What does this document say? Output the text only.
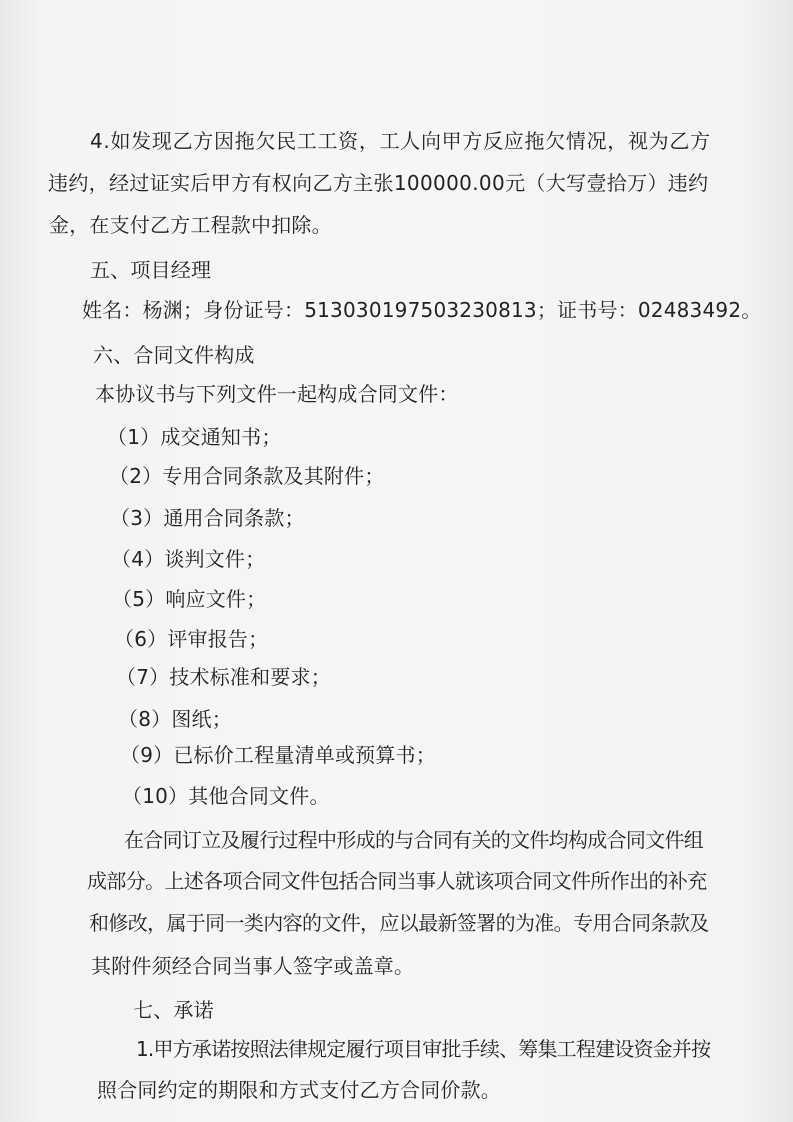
4.如发现乙方因拖欠民工工资，工人向甲方反应拖欠情况，视为乙方
违约，经过证实后甲方有权向乙方主张100000.00元（大写壹拾万）违约
金，在支付乙方工程款中扣除。
五、项目经理
姓名：杨渊；身份证号：513030197503230813；证书号：02483492。
六、合同文件构成
本协议书与下列文件一起构成合同文件：
（1）成交通知书；
（2）专用合同条款及其附件；
（3）通用合同条款；
（4）谈判文件；
（5）响应文件；
（6）评审报告；
（7）技术标准和要求；
（8）图纸；
（9）已标价工程量清单或预算书；
（10）其他合同文件。
在合同订立及履行过程中形成的与合同有关的文件均构成合同文件组
成部分。上述各项合同文件包括合同当事人就该项合同文件所作出的补充
和修改，属于同一类内容的文件，应以最新签署的为准。专用合同条款及
其附件须经合同当事人签字或盖章。
七、承诺
1.甲方承诺按照法律规定履行项目审批手续、筹集工程建设资金并按
照合同约定的期限和方式支付乙方合同价款。
